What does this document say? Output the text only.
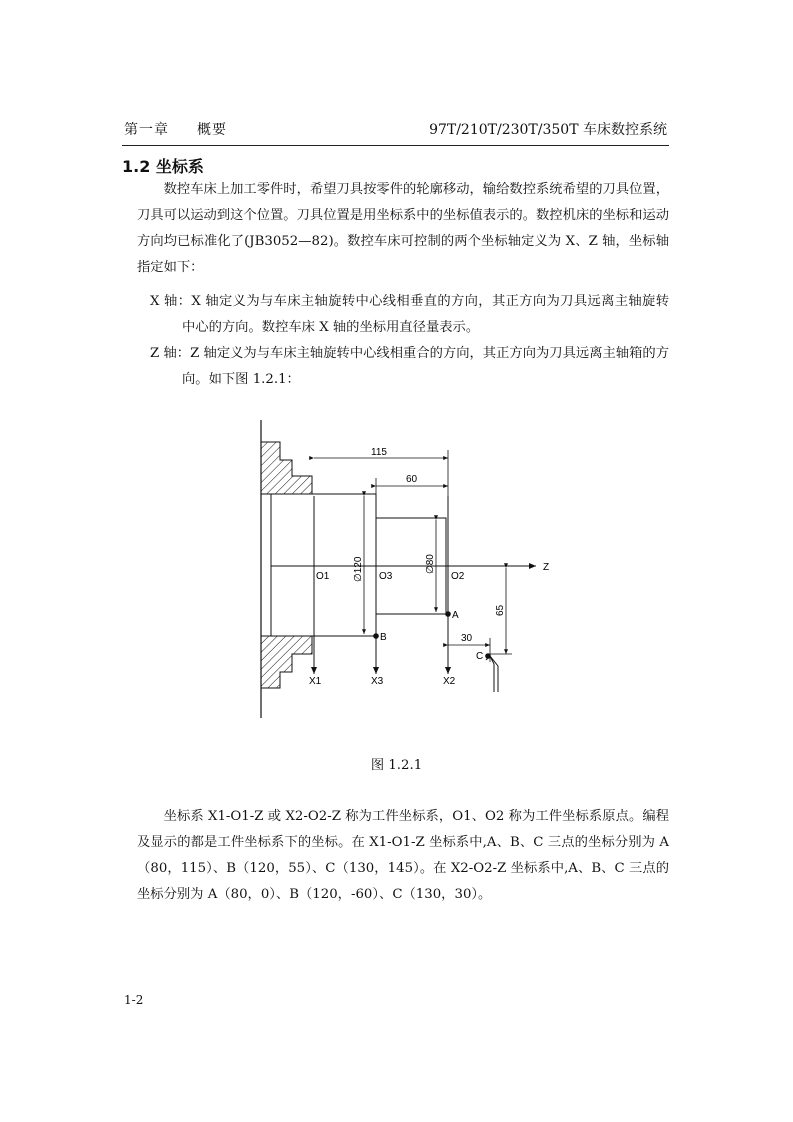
第一章 概要	97T/210T/230T/350T 车床数控系统
1.2 坐标系

数控车床上加工零件时，希望刀具按零件的轮廓移动，输给数控系统希望的刀具位置，刀具可以运动到这个位置。刀具位置是用坐标系中的坐标值表示的。数控机床的坐标和运动方向均已标准化了(JB3052—82)。数控车床可控制的两个坐标轴定义为 X、Z 轴，坐标轴指定如下：

X 轴：X 轴定义为与车床主轴旋转中心线相垂直的方向，其正方向为刀具远离主轴旋转中心的方向。数控车床 X 轴的坐标用直径量表示。

Z 轴：Z 轴定义为与车床主轴旋转中心线相重合的方向，其正方向为刀具远离主轴箱的方向。如下图 1.2.1：

Z
X1	X3	X2
O1	O3	O2
115
60
∅120	∅80
A
B
65
30
C
图 1.2.1

坐标系 X1-O1-Z 或 X2-O2-Z 称为工件坐标系，O1、O2 称为工件坐标系原点。编程及显示的都是工件坐标系下的坐标。在 X1-O1-Z 坐标系中,A、B、C 三点的坐标分别为 A（80，115）、B（120，55）、C（130，145）。在 X2-O2-Z 坐标系中,A、B、C 三点的坐标分别为 A（80，0）、B（120，-60）、C（130，30）。

1-2
